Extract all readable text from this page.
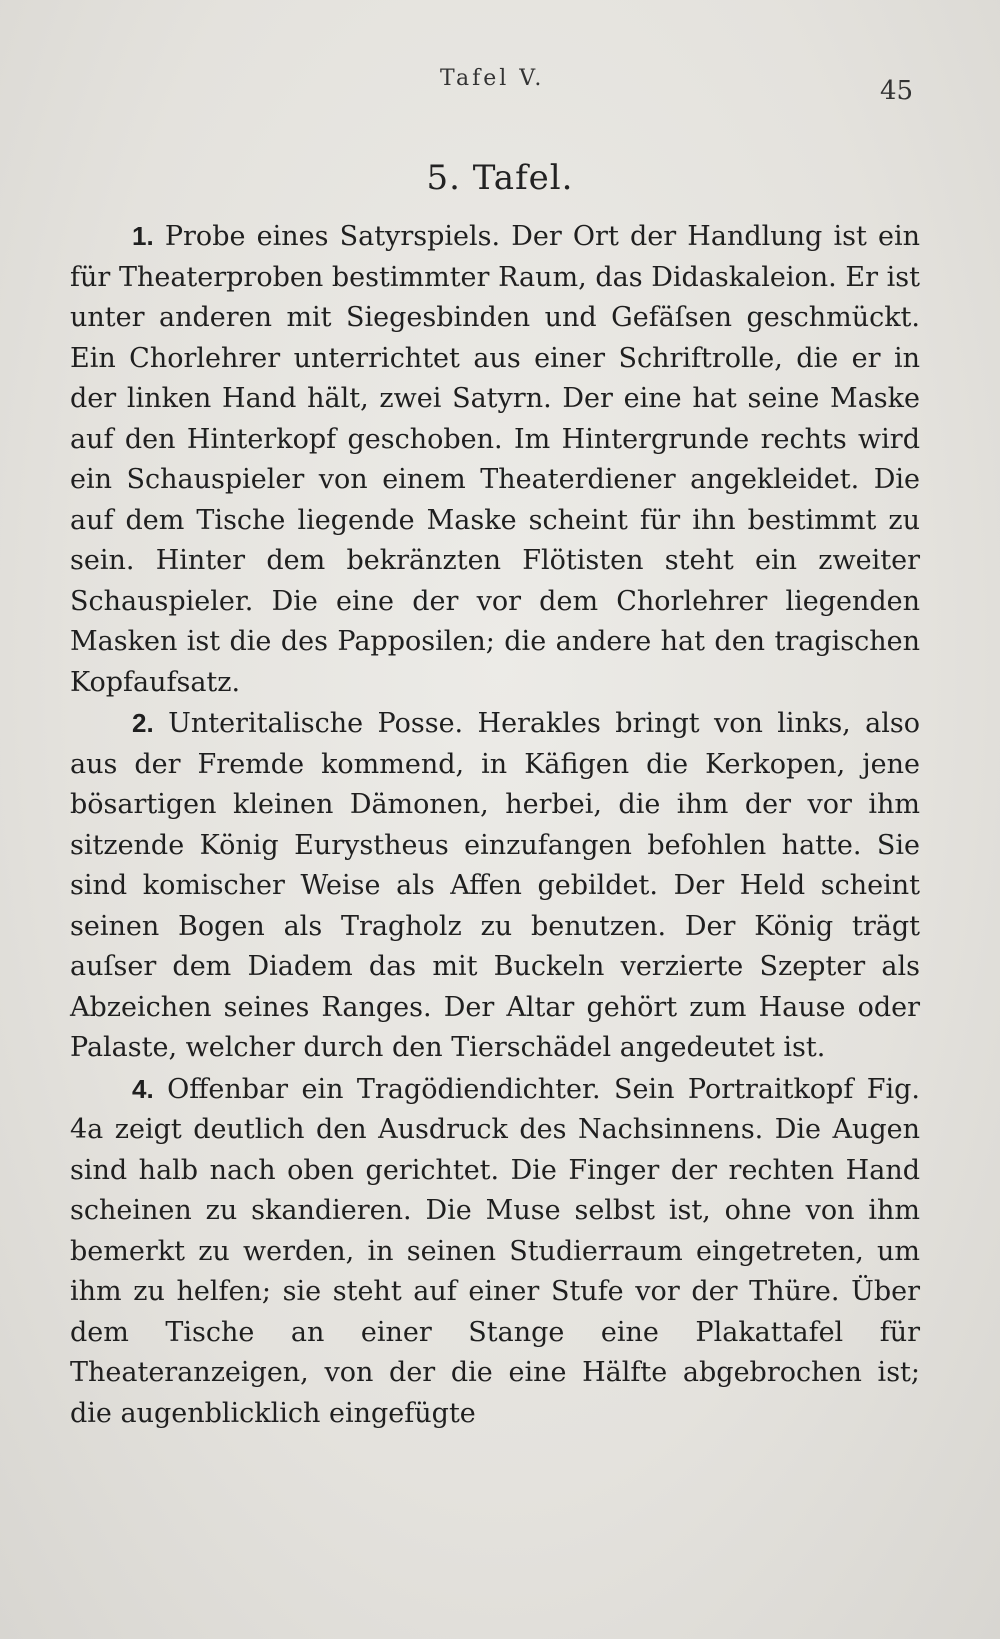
Tafel V.	45
5. Tafel.

1. Probe eines Satyrspiels. Der Ort der Handlung ist ein für Theaterproben bestimmter Raum, das Didaskaleion. Er ist unter anderen mit Siegesbinden und Gefäſsen geschmückt. Ein Chorlehrer unterrichtet aus einer Schriftrolle, die er in der linken Hand hält, zwei Satyrn. Der eine hat seine Maske auf den Hinterkopf geschoben. Im Hintergrunde rechts wird ein Schauspieler von einem Theaterdiener angekleidet. Die auf dem Tische liegende Maske scheint für ihn bestimmt zu sein. Hinter dem bekränzten Flötisten steht ein zweiter Schauspieler. Die eine der vor dem Chorlehrer liegenden Masken ist die des Papposilen; die andere hat den tragischen Kopfaufsatz.

2. Unteritalische Posse. Herakles bringt von links, also aus der Fremde kommend, in Käfigen die Kerkopen, jene bösartigen kleinen Dämonen, herbei, die ihm der vor ihm sitzende König Eurystheus einzufangen befohlen hatte. Sie sind komischer Weise als Affen gebildet. Der Held scheint seinen Bogen als Tragholz zu benutzen. Der König trägt auſser dem Diadem das mit Buckeln verzierte Szepter als Abzeichen seines Ranges. Der Altar gehört zum Hause oder Palaste, welcher durch den Tierschädel angedeutet ist.

4. Offenbar ein Tragödiendichter. Sein Portraitkopf Fig. 4a zeigt deutlich den Ausdruck des Nachsinnens. Die Augen sind halb nach oben gerichtet. Die Finger der rechten Hand scheinen zu skandieren. Die Muse selbst ist, ohne von ihm bemerkt zu werden, in seinen Studierraum eingetreten, um ihm zu helfen; sie steht auf einer Stufe vor der Thüre. Über dem Tische an einer Stange eine Plakattafel für Theateranzeigen, von der die eine Hälfte abgebrochen ist; die augenblicklich eingefügte
